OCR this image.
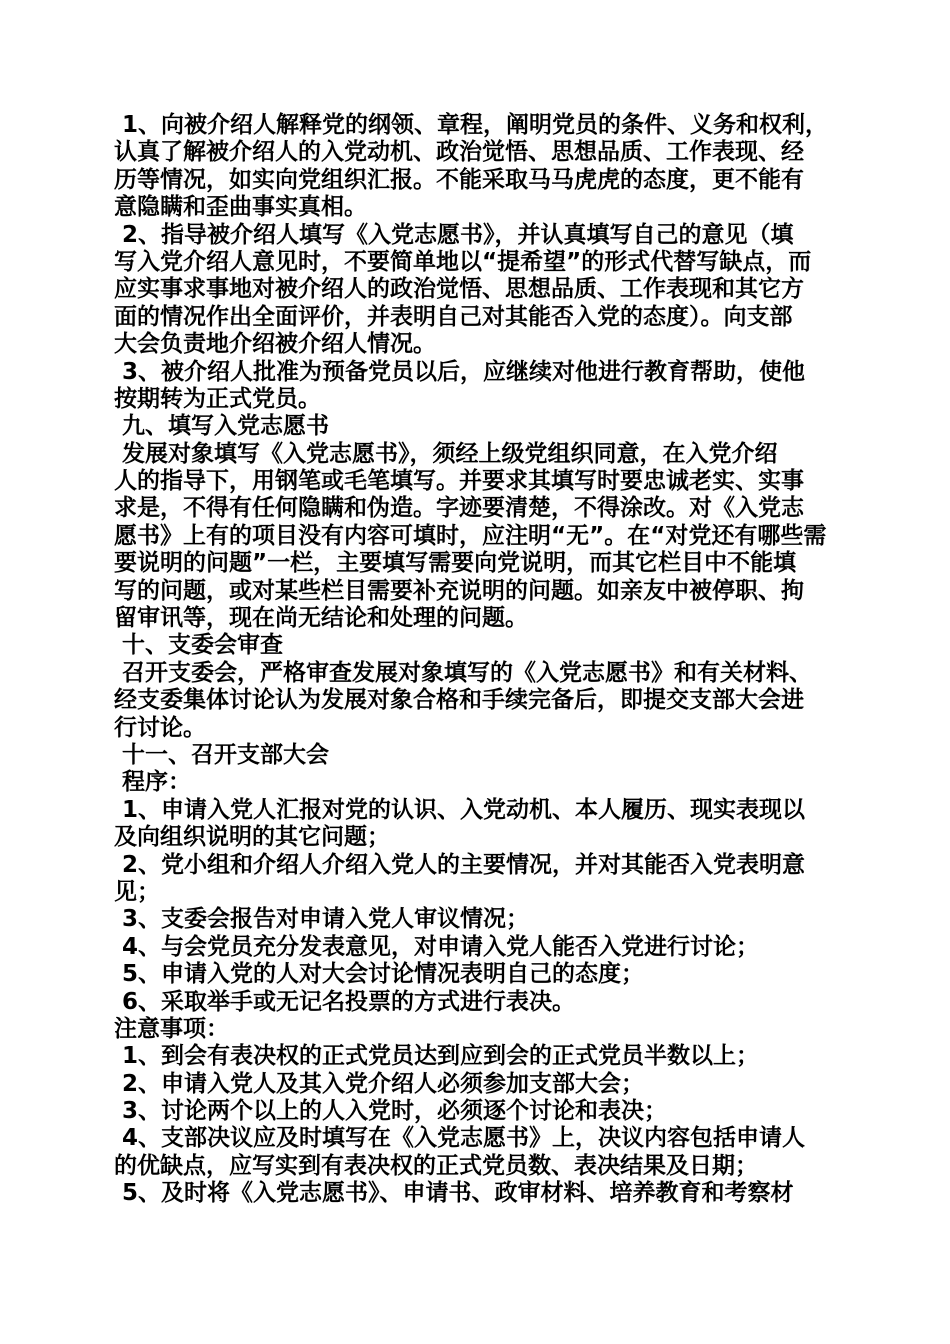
1、向被介绍人解释党的纲领、章程，阐明党员的条件、义务和权利，
认真了解被介绍人的入党动机、政治觉悟、思想品质、工作表现、经
历等情况，如实向党组织汇报。不能采取马马虎虎的态度，更不能有
意隐瞒和歪曲事实真相。
2、指导被介绍人填写《入党志愿书》，并认真填写自己的意见（填
写入党介绍人意见时，不要简单地以“提希望”的形式代替写缺点，而
应实事求事地对被介绍人的政治觉悟、思想品质、工作表现和其它方
面的情况作出全面评价，并表明自己对其能否入党的态度）。向支部
大会负责地介绍被介绍人情况。
3、被介绍人批准为预备党员以后，应继续对他进行教育帮助，使他
按期转为正式党员。
九、填写入党志愿书
发展对象填写《入党志愿书》，须经上级党组织同意，在入党介绍
人的指导下，用钢笔或毛笔填写。并要求其填写时要忠诚老实、实事
求是，不得有任何隐瞒和伪造。字迹要清楚，不得涂改。对《入党志
愿书》上有的项目没有内容可填时，应注明“无”。在“对党还有哪些需
要说明的问题”一栏，主要填写需要向党说明，而其它栏目中不能填
写的问题，或对某些栏目需要补充说明的问题。如亲友中被停职、拘
留审讯等，现在尚无结论和处理的问题。
十、支委会审查
召开支委会，严格审查发展对象填写的《入党志愿书》和有关材料、
经支委集体讨论认为发展对象合格和手续完备后，即提交支部大会进
行讨论。
十一、召开支部大会
程序：
1、申请入党人汇报对党的认识、入党动机、本人履历、现实表现以
及向组织说明的其它问题；
2、党小组和介绍人介绍入党人的主要情况，并对其能否入党表明意
见；
3、支委会报告对申请入党人审议情况；
4、与会党员充分发表意见，对申请入党人能否入党进行讨论；
5、申请入党的人对大会讨论情况表明自己的态度；
6、采取举手或无记名投票的方式进行表决。
注意事项：
1、到会有表决权的正式党员达到应到会的正式党员半数以上；
2、申请入党人及其入党介绍人必须参加支部大会；
3、讨论两个以上的人入党时，必须逐个讨论和表决；
4、支部决议应及时填写在《入党志愿书》上，决议内容包括申请人
的优缺点，应写实到有表决权的正式党员数、表决结果及日期；
5、及时将《入党志愿书》、申请书、政审材料、培养教育和考察材
